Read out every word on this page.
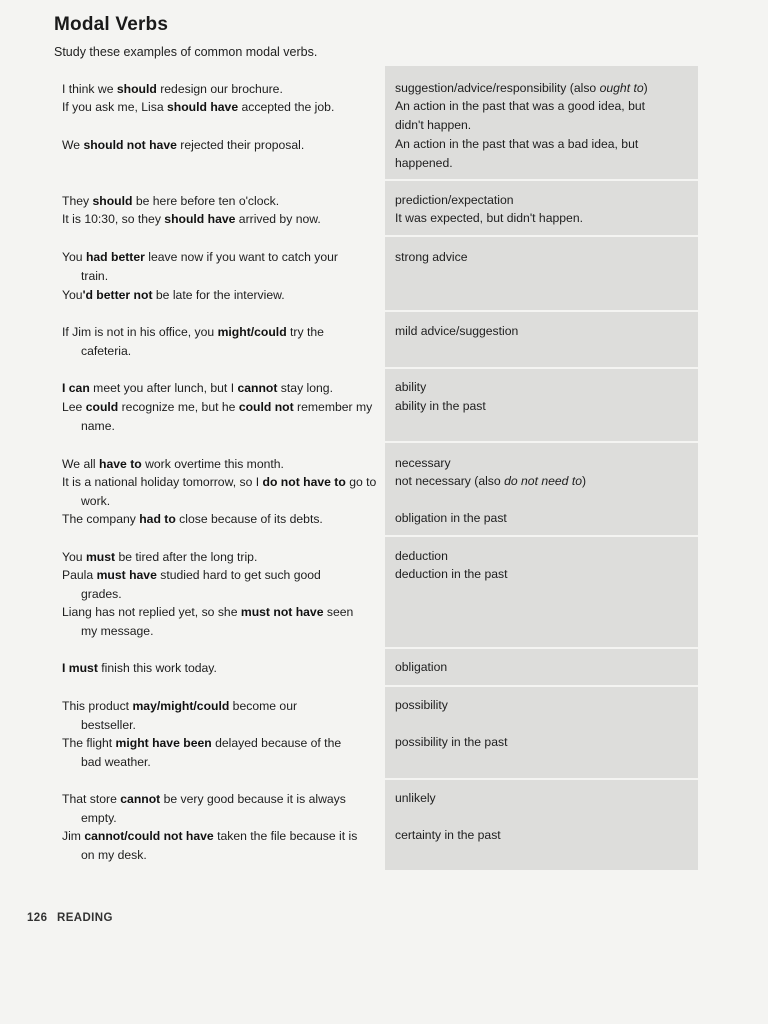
Modal Verbs
Study these examples of common modal verbs.
I think we should redesign our brochure.
If you ask me, Lisa should have accepted the job.
We should not have rejected their proposal.
suggestion/advice/responsibility (also ought to)
An action in the past that was a good idea, but didn't happen.
An action in the past that was a bad idea, but happened.
They should be here before ten o'clock.
It is 10:30, so they should have arrived by now.
prediction/expectation
It was expected, but didn't happen.
You had better leave now if you want to catch your train.
You'd better not be late for the interview.
strong advice
If Jim is not in his office, you might/could try the cafeteria.
mild advice/suggestion
I can meet you after lunch, but I cannot stay long.
Lee could recognize me, but he could not remember my name.
ability
ability in the past
We all have to work overtime this month.
It is a national holiday tomorrow, so I do not have to go to work.
The company had to close because of its debts.
necessary
not necessary (also do not need to)
obligation in the past
You must be tired after the long trip.
Paula must have studied hard to get such good grades.
Liang has not replied yet, so she must not have seen my message.
deduction
deduction in the past
I must finish this work today.	obligation
This product may/might/could become our bestseller.
The flight might have been delayed because of the bad weather.
possibility
possibility in the past
That store cannot be very good because it is always empty.
Jim cannot/could not have taken the file because it is on my desk.
unlikely
certainty in the past
126 READING
